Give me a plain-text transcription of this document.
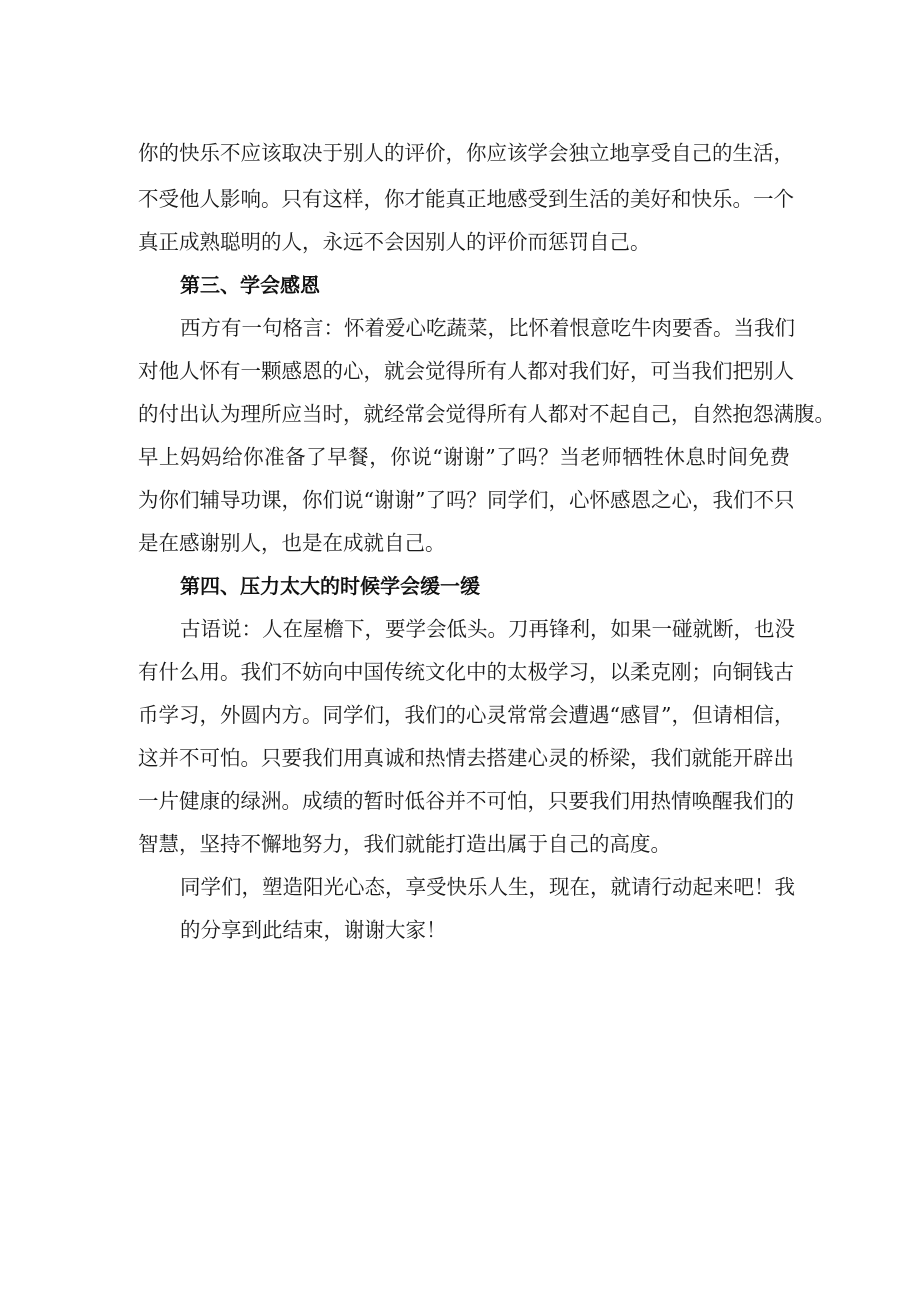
你的快乐不应该取决于别人的评价，你应该学会独立地享受自己的生活，
不受他人影响。只有这样，你才能真正地感受到生活的美好和快乐。一个
真正成熟聪明的人，永远不会因别人的评价而惩罚自己。
第三、学会感恩
西方有一句格言：怀着爱心吃蔬菜，比怀着恨意吃牛肉要香。当我们
对他人怀有一颗感恩的心，就会觉得所有人都对我们好，可当我们把别人
的付出认为理所应当时，就经常会觉得所有人都对不起自己，自然抱怨满腹。
早上妈妈给你准备了早餐，你说“谢谢”了吗？当老师牺牲休息时间免费
为你们辅导功课，你们说“谢谢”了吗？同学们，心怀感恩之心，我们不只
是在感谢别人，也是在成就自己。
第四、压力太大的时候学会缓一缓
古语说：人在屋檐下，要学会低头。刀再锋利，如果一碰就断，也没
有什么用。我们不妨向中国传统文化中的太极学习，以柔克刚；向铜钱古
币学习，外圆内方。同学们，我们的心灵常常会遭遇“感冒”，但请相信，
这并不可怕。只要我们用真诚和热情去搭建心灵的桥梁，我们就能开辟出
一片健康的绿洲。成绩的暂时低谷并不可怕，只要我们用热情唤醒我们的
智慧，坚持不懈地努力，我们就能打造出属于自己的高度。
同学们，塑造阳光心态，享受快乐人生，现在，就请行动起来吧！我
的分享到此结束，谢谢大家！
